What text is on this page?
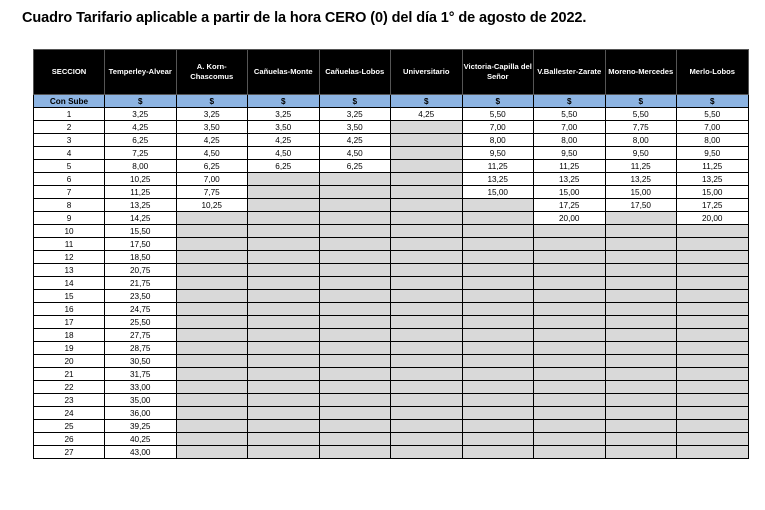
Cuadro Tarifario aplicable a partir de la hora CERO (0) del día 1° de agosto de 2022.
SECCION	Temperley-Alvear	A. Korn-Chascomus	Cañuelas-Monte	Cañuelas-Lobos	Universitario	Victoria-Capilla del Señor	V.Ballester-Zarate	Moreno-Mercedes	Merlo-Lobos
Con Sube	$	$	$	$	$	$	$	$	$
1	3,25	3,25	3,25	3,25	4,25	5,50	5,50	5,50	5,50
2	4,25	3,50	3,50	3,50		7,00	7,00	7,75	7,00
3	6,25	4,25	4,25	4,25		8,00	8,00	8,00	8,00
4	7,25	4,50	4,50	4,50		9,50	9,50	9,50	9,50
5	8,00	6,25	6,25	6,25		11,25	11,25	11,25	11,25
6	10,25	7,00				13,25	13,25	13,25	13,25
7	11,25	7,75				15,00	15,00	15,00	15,00
8	13,25	10,25					17,25	17,50	17,25
9	14,25						20,00		20,00
10	15,50								
11	17,50								
12	18,50								
13	20,75								
14	21,75								
15	23,50								
16	24,75								
17	25,50								
18	27,75								
19	28,75								
20	30,50								
21	31,75								
22	33,00								
23	35,00								
24	36,00								
25	39,25								
26	40,25								
27	43,00								
